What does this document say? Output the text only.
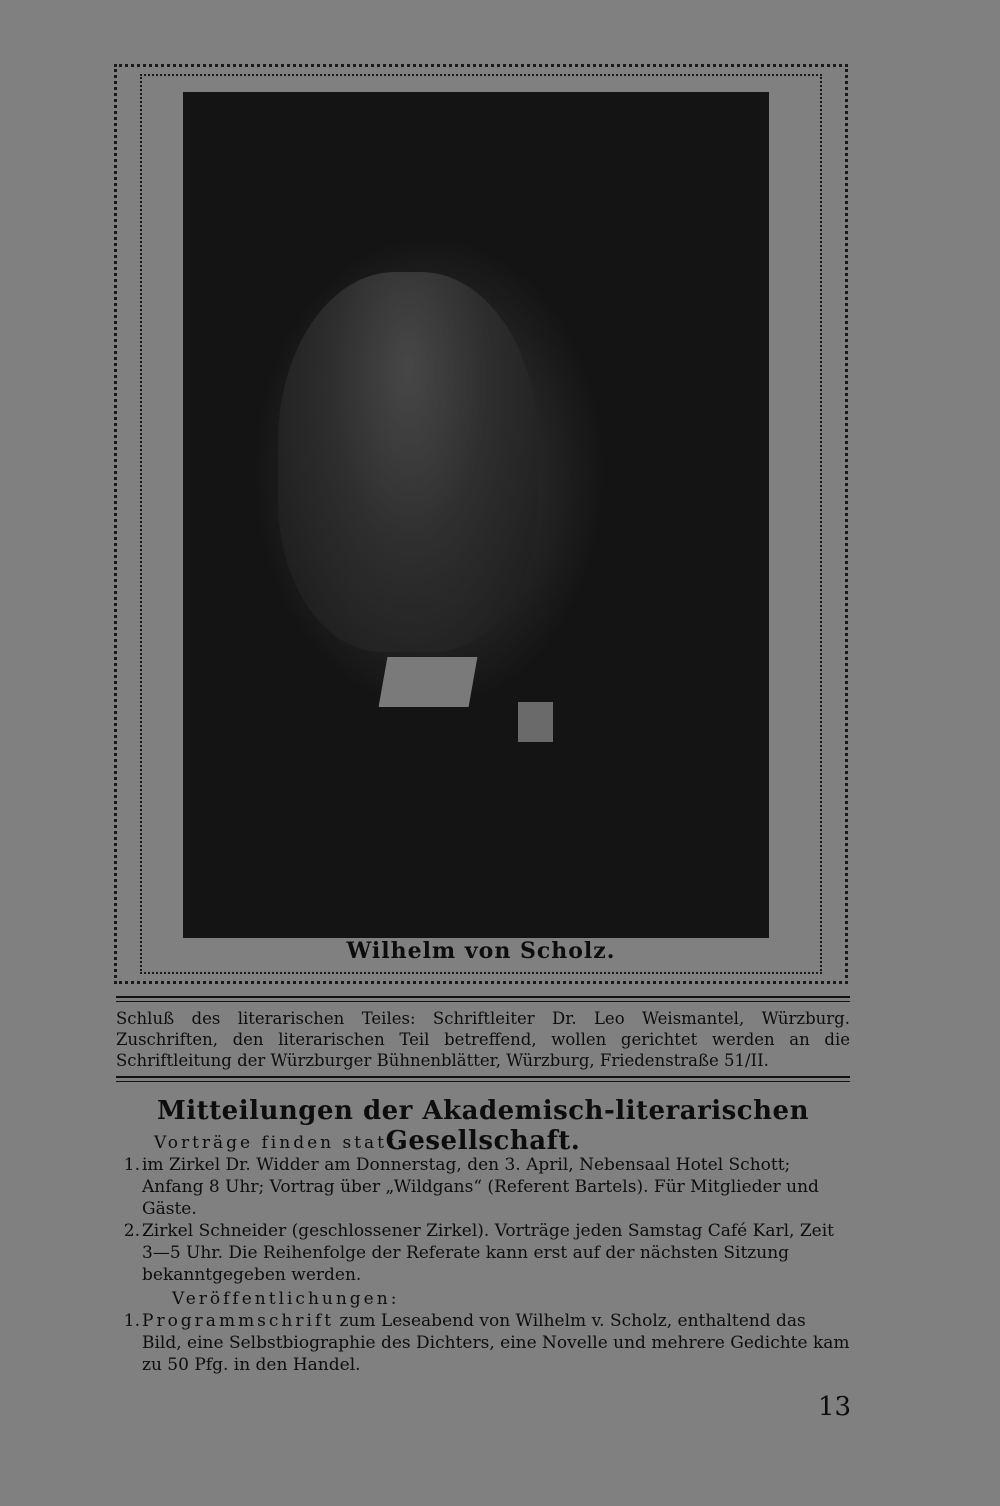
Wilhelm von Scholz.

Schluß des literarischen Teiles: Schriftleiter Dr. Leo Weismantel, Würzburg.

Zuschriften, den literarischen Teil betreffend, wollen gerichtet werden an die

Schriftleitung der Würzburger Bühnenblätter, Würzburg, Friedenstraße 51/II.

Mitteilungen der Akademisch-literarischen Gesellschaft.
Vorträge finden statt:
1. im Zirkel Dr. Widder am Donnerstag, den 3. April, Nebensaal Hotel Schott; Anfang 8 Uhr; Vortrag über „Wildgans“ (Referent Bartels). Für Mitglieder und Gäste.
2. Zirkel Schneider (geschlossener Zirkel). Vorträge jeden Samstag Café Karl, Zeit 3—5 Uhr. Die Reihenfolge der Referate kann erst auf der nächsten Sitzung bekanntgegeben werden.
Veröffentlichungen:
1. Programmschrift zum Leseabend von Wilhelm v. Scholz, enthaltend das Bild, eine Selbstbiographie des Dichters, eine Novelle und mehrere Gedichte kam zu 50 Pfg. in den Handel.
13
